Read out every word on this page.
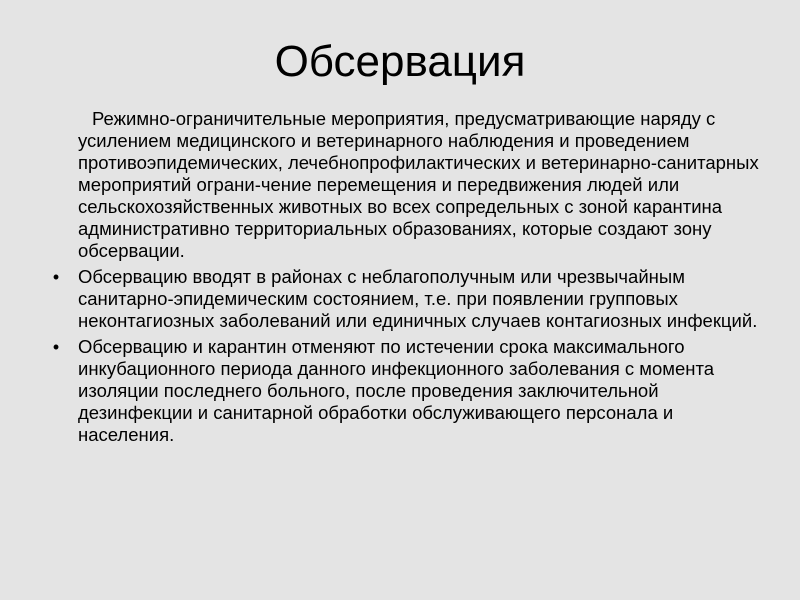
Обсервация

Режимно-ограничительные мероприятия, предусматривающие наряду с усилением медицинского и ветеринарного наблюдения и проведением противоэпидемических, лечебнопрофилактических и ветеринарно-санитарных мероприятий ограни-чение перемещения и передвижения людей или сельскохозяйственных животных во всех сопредельных с зоной карантина административно территориальных образованиях, которые создают зону обсервации.

• Обсервацию вводят в районах с неблагополучным или чрезвычайным санитарно-эпидемическим состоянием, т.е. при появлении групповых неконтагиозных заболеваний или единичных случаев контагиозных инфекций.

• Обсервацию и карантин отменяют по истечении срока максимального инкубационного периода данного инфекционного заболевания с момента изоляции последнего больного, после проведения заключительной дезинфекции и санитарной обработки обслуживающего персонала и населения.
